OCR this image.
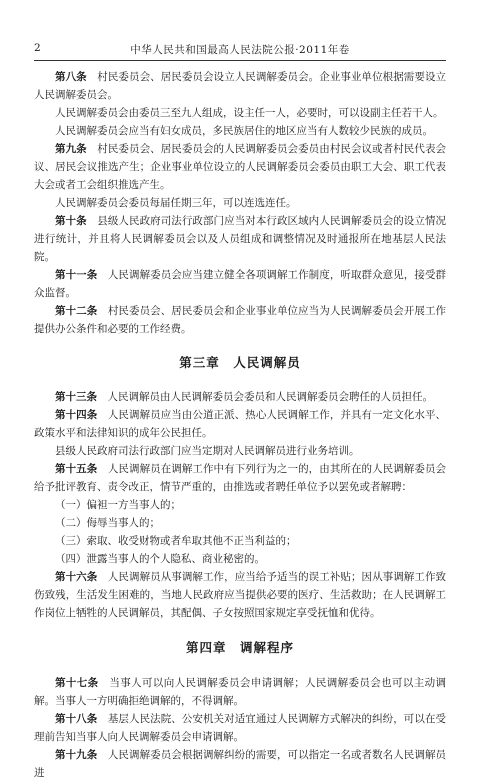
2	中华人民共和国最高人民法院公报·2011年卷

第八条　 村民委员会、居民委员会设立人民调解委员会。企业事业单位根据需要设立人民调解委员会。

人民调解委员会由委员三至九人组成，设主任一人，必要时，可以设副主任若干人。

人民调解委员会应当有妇女成员，多民族居住的地区应当有人数较少民族的成员。

第九条　 村民委员会、居民委员会的人民调解委员会委员由村民会议或者村民代表会议、居民会议推选产生；企业事业单位设立的人民调解委员会委员由职工大会、职工代表大会或者工会组织推选产生。

人民调解委员会委员每届任期三年，可以连选连任。

第十条　 县级人民政府司法行政部门应当对本行政区域内人民调解委员会的设立情况进行统计，并且将人民调解委员会以及人员组成和调整情况及时通报所在地基层人民法院。

第十一条　 人民调解委员会应当建立健全各项调解工作制度，听取群众意见，接受群众监督。

第十二条　 村民委员会、居民委员会和企业事业单位应当为人民调解委员会开展工作提供办公条件和必要的工作经费。

第三章　人民调解员

第十三条　 人民调解员由人民调解委员会委员和人民调解委员会聘任的人员担任。

第十四条　 人民调解员应当由公道正派、热心人民调解工作，并具有一定文化水平、政策水平和法律知识的成年公民担任。

县级人民政府司法行政部门应当定期对人民调解员进行业务培训。

第十五条　 人民调解员在调解工作中有下列行为之一的，由其所在的人民调解委员会给予批评教育、责令改正，情节严重的，由推选或者聘任单位予以罢免或者解聘：

（一）偏袒一方当事人的；

（二）侮辱当事人的；

（三）索取、收受财物或者牟取其他不正当利益的；

（四）泄露当事人的个人隐私、商业秘密的。

第十六条　 人民调解员从事调解工作，应当给予适当的误工补贴；因从事调解工作致伤致残，生活发生困难的，当地人民政府应当提供必要的医疗、生活救助；在人民调解工作岗位上牺牲的人民调解员，其配偶、子女按照国家规定享受抚恤和优待。

第四章　调解程序

第十七条　 当事人可以向人民调解委员会申请调解；人民调解委员会也可以主动调解。当事人一方明确拒绝调解的，不得调解。

第十八条　 基层人民法院、公安机关对适宜通过人民调解方式解决的纠纷，可以在受理前告知当事人向人民调解委员会申请调解。

第十九条　 人民调解委员会根据调解纠纷的需要，可以指定一名或者数名人民调解员进
